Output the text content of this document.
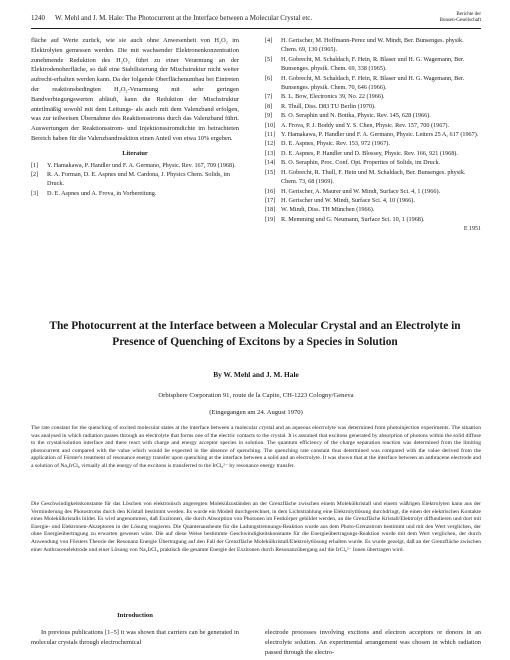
1240 W. Mehl and J. M. Hale: The Photocurrent at the Interface between a Molecular Crystal etc.	Berichte der
Bunsen-Gesellschaft
fläche auf Werte zurück, wie sie auch ohne Anwesenheit von H₂O₂ im Elektrolyten gemessen werden. Die mit wachsender Elektronenkonzentration zunehmende Reduktion des H₂O₂ führt zu einer Verarmung an der Elektrodenoberfläche, so daß eine Stabilisierung der Mischstruktur nicht weiter aufrecht-erhalten werden kann. Da der folgende Oberflächenumbau bei Eintreten der reaktionsbedingten H₂O₂-Verarmung mit sehr geringen Bandverbiegungswerten abläuft, kann die Reduktion der Mischstruktur anteilmäßig sowohl mit dem Leitungs- als auch mit dem Valenzband erfolgen, was zur teilweisen Übernahme des Reaktionsstroms durch das Valenzband führt. Auswertungen der Reaktionsstrom- und Injektionsstromdichte im betrachteten Bereich haben für die Valenzbandreaktion einen Anteil von etwa 10% ergeben.
Literatur
[1]	Y. Hamakawa, P. Handler und F. A. Germano, Physic. Rev. 167, 709 (1968).
[2]	R. A. Forman, D. E. Aspnes und M. Cardona, J. Physics Chem. Solids, im Druck.
[3]	D. E. Aspnes und A. Frova, in Vorbereitung.
[4]	H. Gerischer, M. Hoffmann-Perez und W. Mindt, Ber. Bunsenges. physik. Chem. 69, 130 (1965).
[5]	H. Gobrecht, M. Schaldach, F. Hein, R. Blaser und H. G. Wagemann, Ber. Bunsenges. physik. Chem. 69, 338 (1965).
[6]	H. Gobrecht, M. Schaldach, F. Hein, R. Blaser und H. G. Wagemann, Ber. Bunsenges. physik. Chem. 70, 646 (1966).
[7]	B. L. Bow, Electronics 39, No. 22 (1966).
[8]	R. Thull, Diss. D83 TU Berlin (1970).
[9]	B. O. Seraphin und N. Bottka, Physic. Rev. 145, 628 (1966).
[10] A. Frova, P. J. Boddy und Y. S. Chen, Physic. Rev. 157, 700 (1967).
[11] Y. Hamakawa, P. Handler und F. A. Germano, Physic. Letters 25 A, 617 (1967).
[12] D. E. Aspnes, Physic. Rev. 153, 972 (1967).
[13] D. E. Aspnes, P. Handler und D. Blossey, Physic. Rev. 166, 921 (1968).
[14] B. O. Seraphin, Proc. Conf. Opt. Properties of Solids, im Druck.
[15] H. Gobrecht, R. Thull, F. Hein und M. Schaldach, Ber. Bunsenges. physik. Chem. 73, 68 (1969).
[16] H. Gerischer, A. Maurer und W. Mindt, Surface Sci. 4, 1 (1966).
[17] H. Gerischer und W. Mindt, Surface Sci. 4, 10 (1966).
[18] W. Mindt, Diss. TH München (1966).
[19] R. Memming und G. Neumann, Surface Sci. 10, 1 (1968).
E 1951
The Photocurrent at the Interface between a Molecular Crystal and an Electrolyte in Presence of Quenching of Excitons by a Species in Solution
By W. Mehl and J. M. Hale
Orbisphere Corporation 91, route de la Capite, CH-1223 Cologny/Geneva
(Eingegangen am 24. August 1970)
The rate constant for the quenching of excited molecular states at the interface between a molecular crystal and an aqueous electrolyte was determined from photoinjection experiments. The situation was analysed in which radiation passes through an electrolyte that forms one of the electric contacts to the crystal. It is assumed that excitons generated by absorption of photons within the solid diffuse to the crystal/solution interface and there react with charge and energy acceptor species in solution. The quantum efficiency of the charge separation reaction was determined from the limiting photocurrent and compared with the value which would be expected in the absence of quenching. The quenching rate constant thus determined was compared with the value derived from the application of Förster's treatment of resonance energy transfer upon quenching at the interface between a solid and an electrolyte. It was shown that at the interface between an anthracene electrode and a solution of Na₂IrCl₆ virtually all the energy of the excitons is transferred to the IrCl₆²⁻ by resonance energy transfer.
Die Geschwindigkeitskonstante für das Löschen von elektronisch angeregten Molekülzuständen an der Grenzfläche zwischen einem Molekülkristall und einem wäßrigen Elektrolyten kann aus der Verminderung des Photostroms durch den Kristall bestimmt werden. Es wurde ein Modell durchgerechnet, in dem Lichtstrahlung eine Elektrolytlösung durchdringt, die einen der elektrischen Kontakte eines Molekülkristalls bildet. Es wird angenommen, daß Exzitonen, die durch Absorption von Photonen im Festkörper gebildet werden, an die Grenzfläche Kristall/Elektrolyt diffundieren und dort mit Energie- und Elektronen-Akzeptoren in der Lösung reagieren. Die Quantenausbeute für die Ladungstrennungs-Reaktion wurde aus dem Photo-Grenzstrom bestimmt und mit den Wert verglichen, der ohne Energieübertragung zu erwarten gewesen wäre. Die auf diese Weise bestimmte Geschwindigkeitskonstante für die Energieübertragungs-Reaktion wurde mit dem Wert verglichen, der durch Anwendung von Försters Theorie der Resonanz Energie Übertragung auf den Fall der Grenzfläche Molekülkristall/Elektrolytlösung erhalten wurde. Es wurde gezeigt, daß an der Grenzfläche zwischen einer Anthracenelektrode und einer Lösung von Na₂IrCl₆ praktisch die gesamte Energie der Exzitonen durch Resonanzübergang auf die IrCl₆²⁻ Ionen übertragen wird.
Introduction
In previous publications [1–5] it was shown that carriers can be generated in molecular crystals through electrochemical
electrode processes involving excitons and electron acceptors or donors in an electrolyte solution. An experimental arrangement was chosen in which radiation passed through the electro-
